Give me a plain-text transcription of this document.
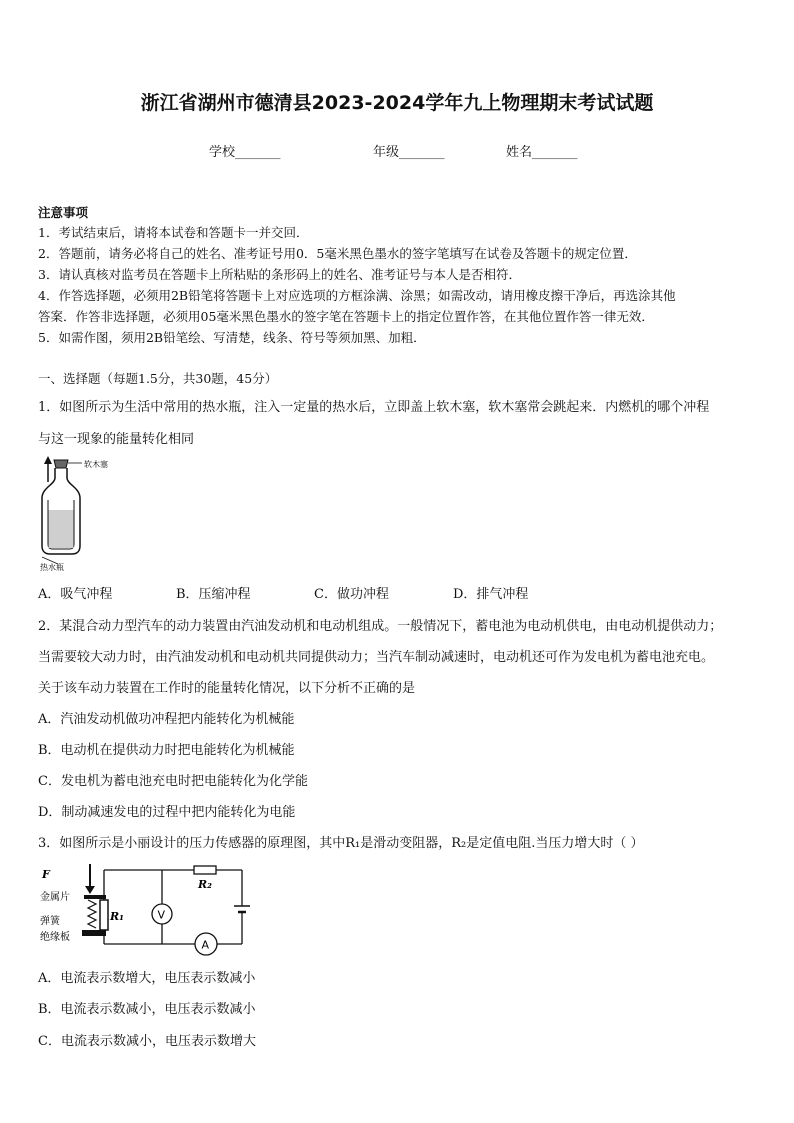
浙江省湖州市德清县2023-2024学年九上物理期末考试试题
学校_______	年级_______	姓名_______
注意事项
1．考试结束后，请将本试卷和答题卡一并交回．
2．答题前，请务必将自己的姓名、准考证号用0．5毫米黑色墨水的签字笔填写在试卷及答题卡的规定位置．
3．请认真核对监考员在答题卡上所粘贴的条形码上的姓名、准考证号与本人是否相符．
4．作答选择题，必须用2B铅笔将答题卡上对应选项的方框涂满、涂黑；如需改动，请用橡皮擦干净后，再选涂其他
答案．作答非选择题，必须用05毫米黑色墨水的签字笔在答题卡上的指定位置作答，在其他位置作答一律无效．
5．如需作图，须用2B铅笔绘、写清楚，线条、符号等须加黑、加粗．
一、选择题（每题1.5分，共30题，45分）
1．如图所示为生活中常用的热水瓶，注入一定量的热水后，立即盖上软木塞，软木塞常会跳起来．内燃机的哪个冲程
与这一现象的能量转化相同
软木塞
热水瓶
A．吸气冲程	B．压缩冲程	C．做功冲程	D．排气冲程
2．某混合动力型汽车的动力装置由汽油发动机和电动机组成。一般情况下，蓄电池为电动机供电，由电动机提供动力；
当需要较大动力时，由汽油发动机和电动机共同提供动力；当汽车制动减速时，电动机还可作为发电机为蓄电池充电。
关于该车动力装置在工作时的能量转化情况，以下分析不正确的是
A．汽油发动机做功冲程把内能转化为机械能
B．电动机在提供动力时把电能转化为机械能
C．发电机为蓄电池充电时把电能转化为化学能
D．制动减速发电的过程中把内能转化为电能
3．如图所示是小丽设计的压力传感器的原理图，其中R₁是滑动变阻器，R₂是定值电阻.当压力增大时（ ）
F
金属片
弹簧
绝缘板
R₁
R₂
A
V
A．电流表示数增大，电压表示数减小
B．电流表示数减小，电压表示数减小
C．电流表示数减小，电压表示数增大
